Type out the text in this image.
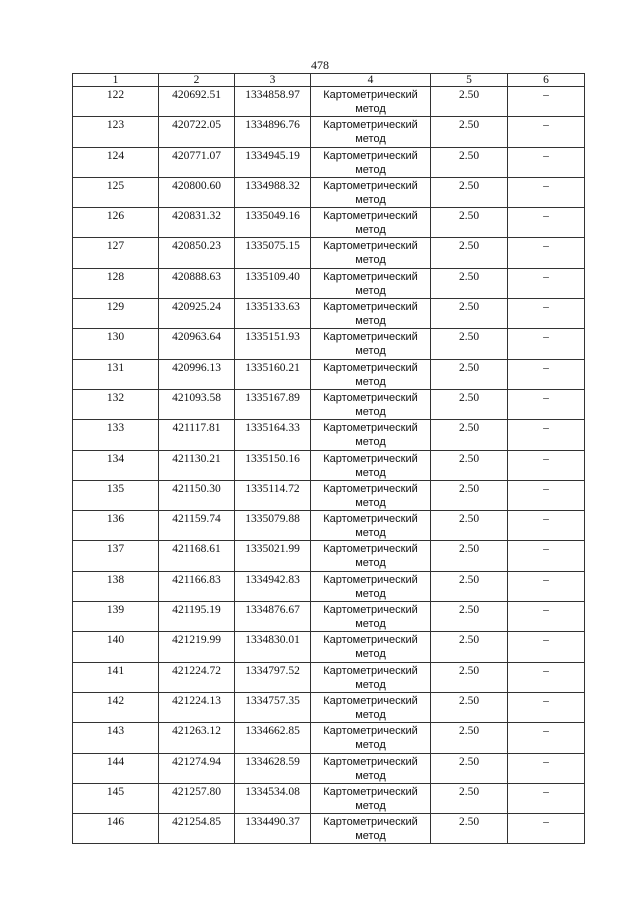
478
1	2	3	4	5	6
122	420692.51	1334858.97	Картометрический метод	2.50	–
123	420722.05	1334896.76	Картометрический метод	2.50	–
124	420771.07	1334945.19	Картометрический метод	2.50	–
125	420800.60	1334988.32	Картометрический метод	2.50	–
126	420831.32	1335049.16	Картометрический метод	2.50	–
127	420850.23	1335075.15	Картометрический метод	2.50	–
128	420888.63	1335109.40	Картометрический метод	2.50	–
129	420925.24	1335133.63	Картометрический метод	2.50	–
130	420963.64	1335151.93	Картометрический метод	2.50	–
131	420996.13	1335160.21	Картометрический метод	2.50	–
132	421093.58	1335167.89	Картометрический метод	2.50	–
133	421117.81	1335164.33	Картометрический метод	2.50	–
134	421130.21	1335150.16	Картометрический метод	2.50	–
135	421150.30	1335114.72	Картометрический метод	2.50	–
136	421159.74	1335079.88	Картометрический метод	2.50	–
137	421168.61	1335021.99	Картометрический метод	2.50	–
138	421166.83	1334942.83	Картометрический метод	2.50	–
139	421195.19	1334876.67	Картометрический метод	2.50	–
140	421219.99	1334830.01	Картометрический метод	2.50	–
141	421224.72	1334797.52	Картометрический метод	2.50	–
142	421224.13	1334757.35	Картометрический метод	2.50	–
143	421263.12	1334662.85	Картометрический метод	2.50	–
144	421274.94	1334628.59	Картометрический метод	2.50	–
145	421257.80	1334534.08	Картометрический метод	2.50	–
146	421254.85	1334490.37	Картометрический метод	2.50	–
